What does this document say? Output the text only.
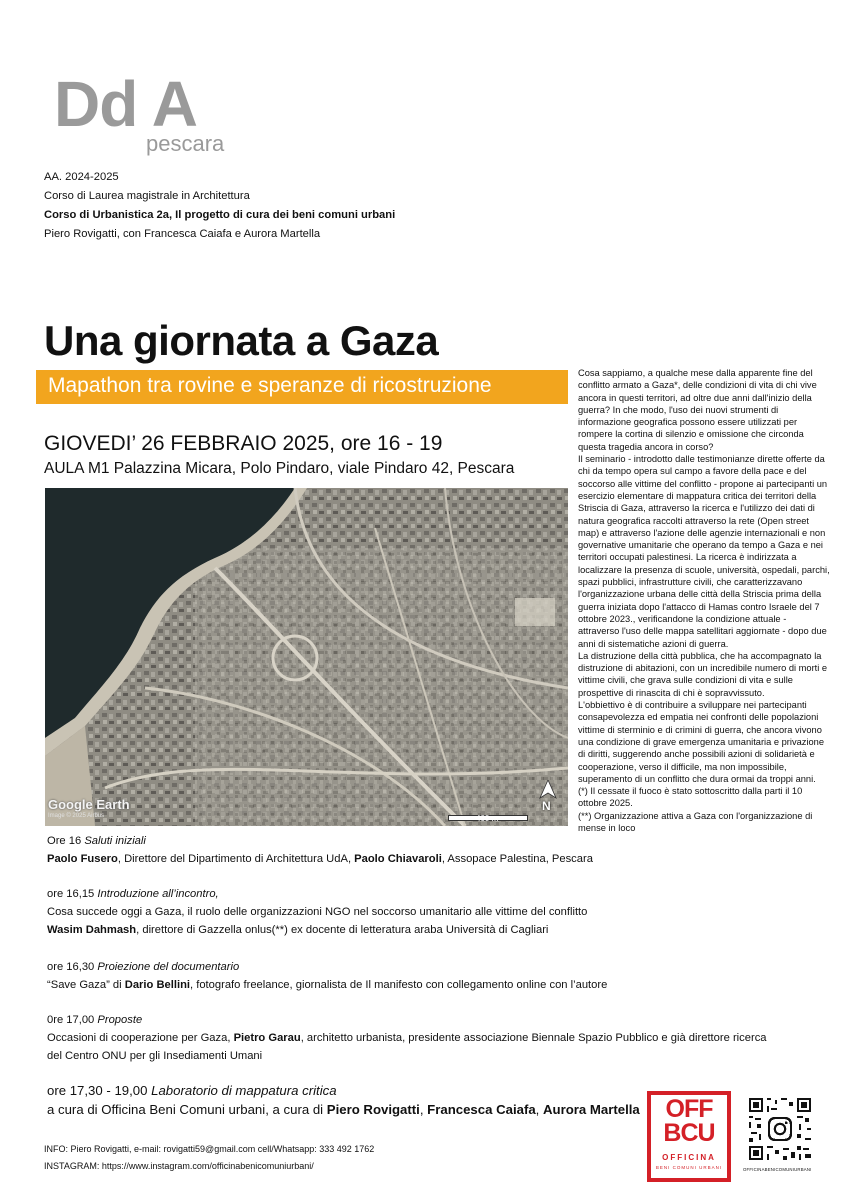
Dd A
pescara
AA. 2024-2025
Corso di Laurea magistrale in Architettura
Corso di Urbanistica 2a, Il progetto di cura dei beni comuni urbani
Piero Rovigatti, con Francesca Caiafa e Aurora Martella
Una giornata a Gaza
Mapathon tra rovine e speranze di ricostruzione
GIOVEDI’ 26 FEBBRAIO 2025, ore 16 - 19
AULA M1 Palazzina Micara, Polo Pindaro, viale Pindaro 42, Pescara
Google Earth
Image © 2025 Airbus	400 m
N

Cosa sappiamo, a qualche mese dalla apparente fine del conflitto armato a Gaza*, delle condizioni di vita di chi vive ancora in questi territori, ad oltre due anni dall'inizio della guerra? In che modo, l'uso dei nuovi strumenti di informazione geografica possono essere utilizzati per rompere la cortina di silenzio e omissione che circonda questa tragedia ancora in corso?

Il seminario - introdotto dalle testimonianze dirette offerte da chi da tempo opera sul campo a favore della pace e del soccorso alle vittime del conflitto - propone ai partecipanti un esercizio elementare di mappatura critica dei territori della Striscia di Gaza, attraverso la ricerca e l'utilizzo dei dati di natura geografica raccolti attraverso la rete (Open street map) e attraverso l'azione delle agenzie internazionali e non governative umanitarie che operano da tempo a Gaza e nei territori occupati palestinesi. La ricerca è indirizzata a localizzare la presenza di scuole, università, ospedali, parchi, spazi pubblici, infrastrutture civili, che caratterizzavano l'organizzazione urbana delle città della Striscia prima della guerra iniziata dopo l'attacco di Hamas contro Israele del 7 ottobre 2023., verificandone la condizione attuale - attraverso l'uso delle mappa satellitari aggiornate - dopo due anni di sistematiche azioni di guerra.

La distruzione della città pubblica, che ha accompagnato la distruzione di abitazioni, con un incredibile numero di morti e vittime civili, che grava sulle condizioni di vita e sulle prospettive di rinascita di chi è sopravvissuto.

L'obbiettivo è di contribuire a sviluppare nei partecipanti consapevolezza ed empatia nei confronti delle popolazioni vittime di sterminio e di crimini di guerra, che ancora vivono una condizione di grave emergenza umanitaria e privazione di diritti, suggerendo anche possibili azioni di solidarietà e cooperazione, verso il difficile, ma non impossibile, superamento di un conflitto che dura ormai da troppi anni.

(*) Il cessate il fuoco è stato sottoscritto dalla parti il 10 ottobre 2025.

(**) Organizzazione attiva a Gaza con l'organizzazione di mense in loco

Ore 16 Saluti iniziali
Paolo Fusero, Direttore del Dipartimento di Architettura UdA, Paolo Chiavaroli, Assopace Palestina, Pescara
ore 16,15 Introduzione all’incontro,
Cosa succede oggi a Gaza, il ruolo delle organizzazioni NGO nel soccorso umanitario alle vittime del conflitto
Wasim Dahmash, direttore di Gazzella onlus(**) ex docente di letteratura araba Università di Cagliari
ore 16,30 Proiezione del documentario
“Save Gaza” di Dario Bellini, fotografo freelance, giornalista de Il manifesto con collegamento online con l’autore
0re 17,00 Proposte
Occasioni di cooperazione per Gaza, Pietro Garau, architetto urbanista, presidente associazione Biennale Spazio Pubblico e già direttore ricerca
del Centro ONU per gli Insediamenti Umani
ore 17,30 - 19,00 Laboratorio di mappatura critica
a cura di Officina Beni Comuni urbani, a cura di Piero Rovigatti, Francesca Caiafa, Aurora Martella
INFO: Piero Rovigatti, e-mail: rovigatti59@gmail.com cell/Whatsapp: 333 492 1762
INSTAGRAM: https://www.instagram.com/officinabenicomuniurbani/
OFF
BCU
OFFICINA
BENI COMUNI URBANI	OFFICINABENICOMUNIURBANI
